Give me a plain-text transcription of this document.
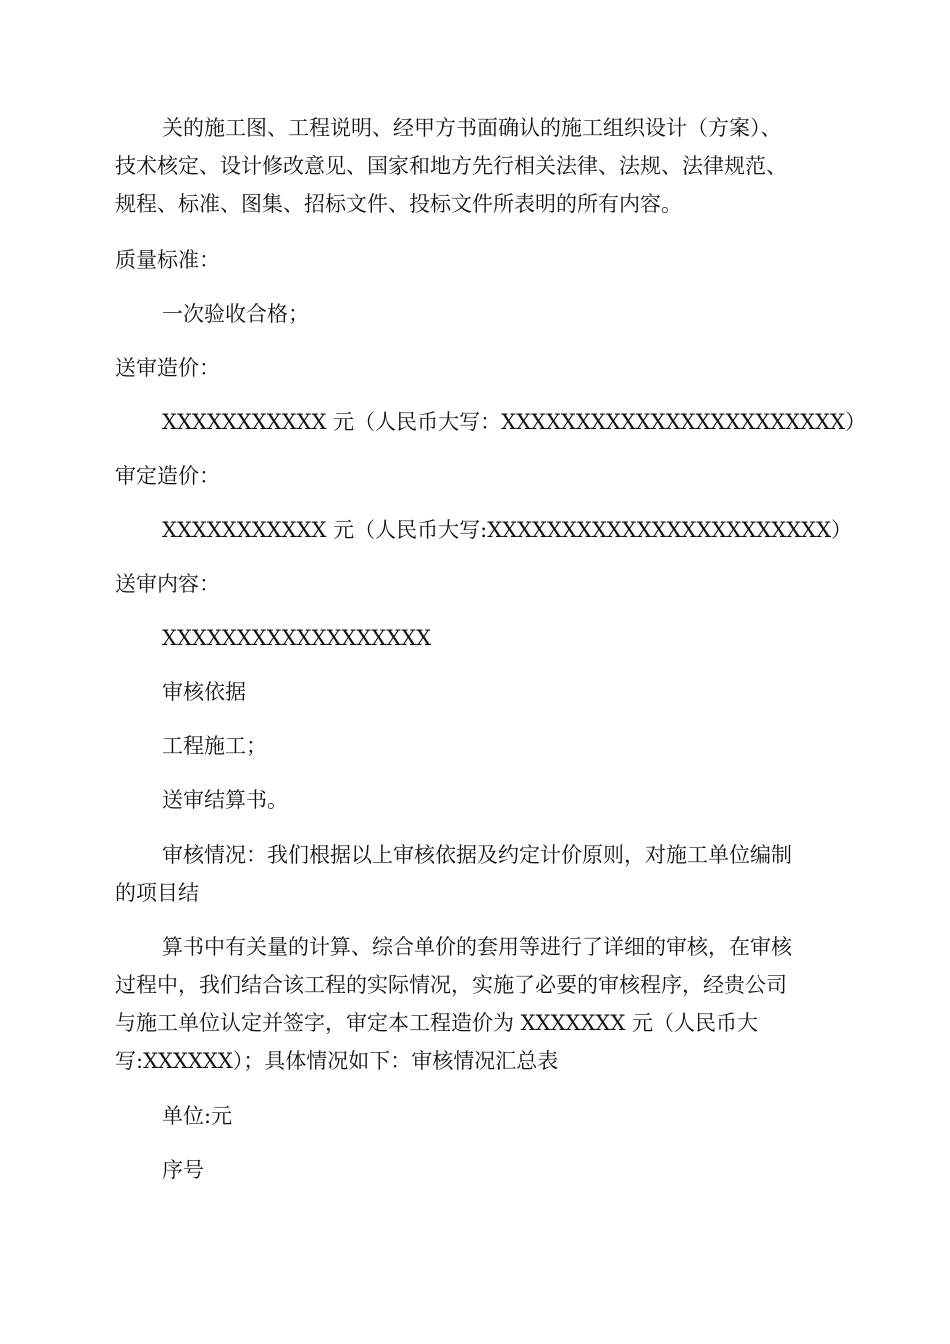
关的施工图、工程说明、经甲方书面确认的施工组织设计（方案）、
技术核定、设计修改意见、国家和地方先行相关法律、法规、法律规范、
规程、标准、图集、招标文件、投标文件所表明的所有内容。
质量标准：
一次验收合格；
送审造价：
XXXXXXXXXXX 元（人民币大写：XXXXXXXXXXXXXXXXXXXXXXX）
审定造价：
XXXXXXXXXXX 元（人民币大写:XXXXXXXXXXXXXXXXXXXXXXX）
送审内容：
XXXXXXXXXXXXXXXXXX
审核依据
工程施工；
送审结算书。
审核情况：我们根据以上审核依据及约定计价原则，对施工单位编制
的项目结
算书中有关量的计算、综合单价的套用等进行了详细的审核，在审核
过程中，我们结合该工程的实际情况，实施了必要的审核程序，经贵公司
与施工单位认定并签字，审定本工程造价为 XXXXXXX 元（人民币大
写:XXXXXX）；具体情况如下：审核情况汇总表
单位:元
序号
